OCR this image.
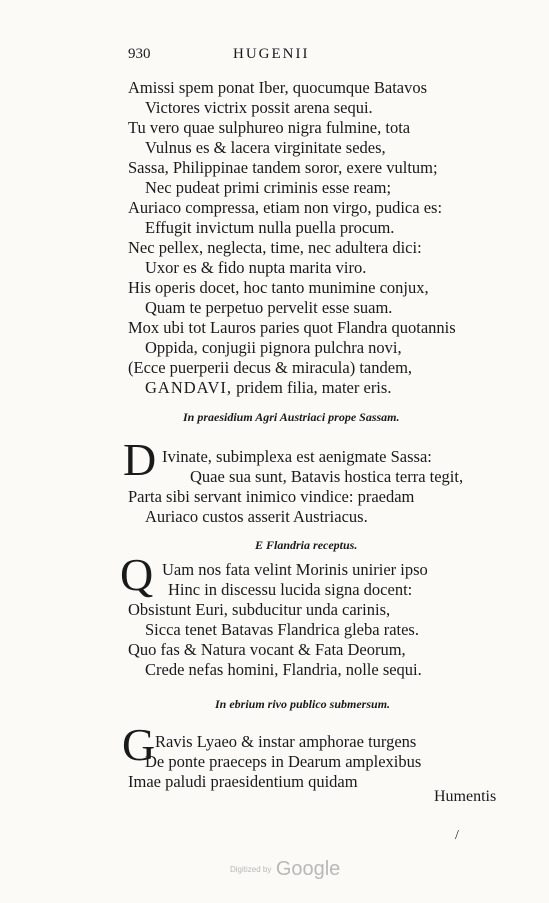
930	HUGENII
Amissi spem ponat Iber, quocumque Batavos
Victores victrix possit arena sequi.
Tu vero quae sulphureo nigra fulmine, tota
Vulnus es & lacera virginitate sedes,
Sassa, Philippinae tandem soror, exere vultum;
Nec pudeat primi criminis esse ream;
Auriaco compressa, etiam non virgo, pudica es:
Effugit invictum nulla puella procum.
Nec pellex, neglecta, time, nec adultera dici:
Uxor es & fido nupta marita viro.
His operis docet, hoc tanto munimine conjux,
Quam te perpetuo pervelit esse suam.
Mox ubi tot Lauros paries quot Flandra quotannis
Oppida, conjugii pignora pulchra novi,
(Ecce puerperii decus & miracula) tandem,
GANDAVI, pridem filia, mater eris.
In praesidium Agri Austriaci prope Sassam.
D Ivinate, subimplexa est aenigmate Sassa:
Quae sua sunt, Batavis hostica terra tegit,
Parta sibi servant inimico vindice: praedam
Auriaco custos asserit Austriacus.
E Flandria receptus.
Q Uam nos fata velint Morinis unirier ipso
Hinc in discessu lucida signa docent:
Obsistunt Euri, subducitur unda carinis,
Sicca tenet Batavas Flandrica gleba rates.
Quo fas & Natura vocant & Fata Deorum,
Crede nefas homini, Flandria, nolle sequi.
In ebrium rivo publico submersum.
G Ravis Lyaeo & instar amphorae turgens
De ponte praeceps in Dearum amplexibus
Imae paludi praesidentium quidam
Humentis
/
Digitized by Google
